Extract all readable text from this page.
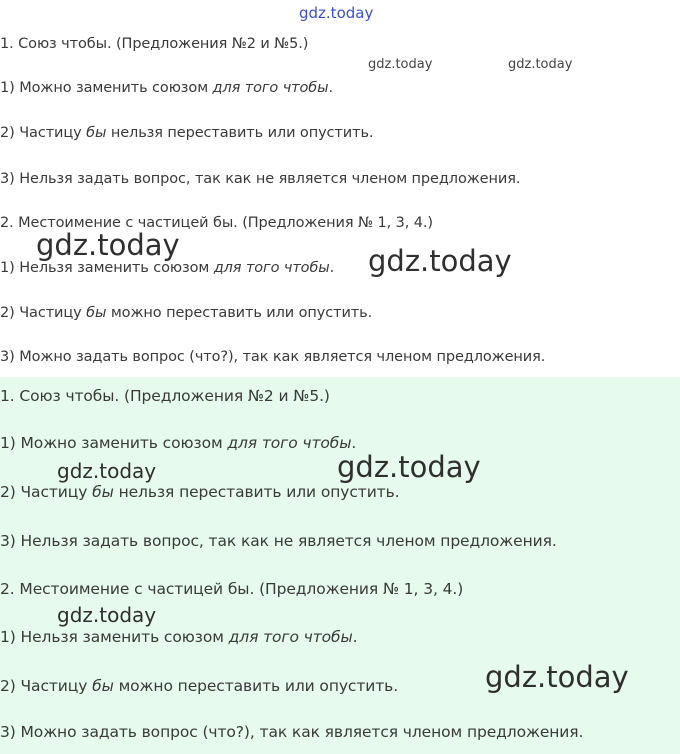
gdz.today
1. Союз чтобы. (Предложения №2 и №5.)
1) Можно заменить союзом для того чтобы.
2) Частицу бы нельзя переставить или опустить.
3) Нельзя задать вопрос, так как не является членом предложения.
2. Местоимение с частицей бы. (Предложения № 1, 3, 4.)
1) Нельзя заменить союзом для того чтобы.
2) Частицу бы можно переставить или опустить.
3) Можно задать вопрос (что?), так как является членом предложения.
1. Союз чтобы. (Предложения №2 и №5.)
1) Можно заменить союзом для того чтобы.
2) Частицу бы нельзя переставить или опустить.
3) Нельзя задать вопрос, так как не является членом предложения.
2. Местоимение с частицей бы. (Предложения № 1, 3, 4.)
1) Нельзя заменить союзом для того чтобы.
2) Частицу бы можно переставить или опустить.
3) Можно задать вопрос (что?), так как является членом предложения.
gdz.today	gdz.today
gdz.today	gdz.today
gdz.today	gdz.today
gdz.today
gdz.today
